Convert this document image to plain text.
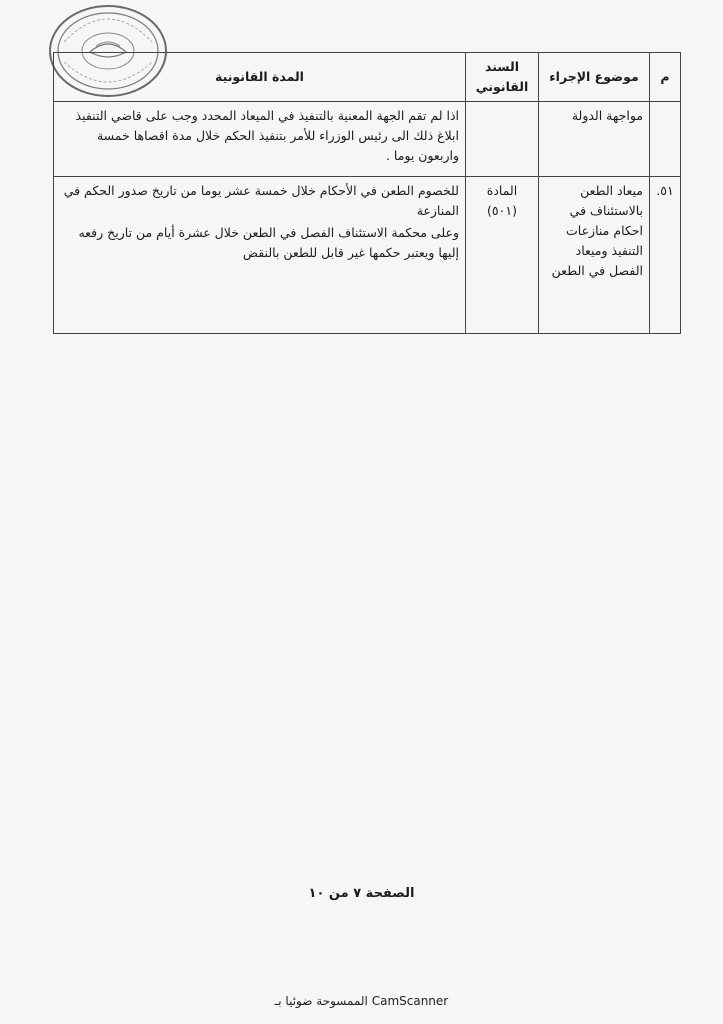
م	موضوع الإجراء	السند
القانوني	المدة القانونية
	مواجهة الدولة		اذا لم تقم الجهة المعنية بالتنفيذ في الميعاد المحدد وجب على قاضي التنفيذ ابلاغ ذلك الى رئيس الوزراء للأمر بتنفيذ الحكم خلال مدة اقصاها خمسة واربعون يوما .

٥١.	ميعاد الطعن بالاستئناف في احكام منازعات التنفيذ وميعاد الفصل في الطعن	المادة (٥٠١)	للخصوم الطعن في الأحكام خلال خمسة عشر يوما من تاريخ صدور الحكم في المنازعة

وعلى محكمة الاستئناف الفصل في الطعن خلال عشرة أيام من تاريخ رفعه إليها ويعتبر حكمها غير قابل للطعن بالنقض

الصفحة ٧ من ١٠
الممسوحة ضوئيا بـ CamScanner
